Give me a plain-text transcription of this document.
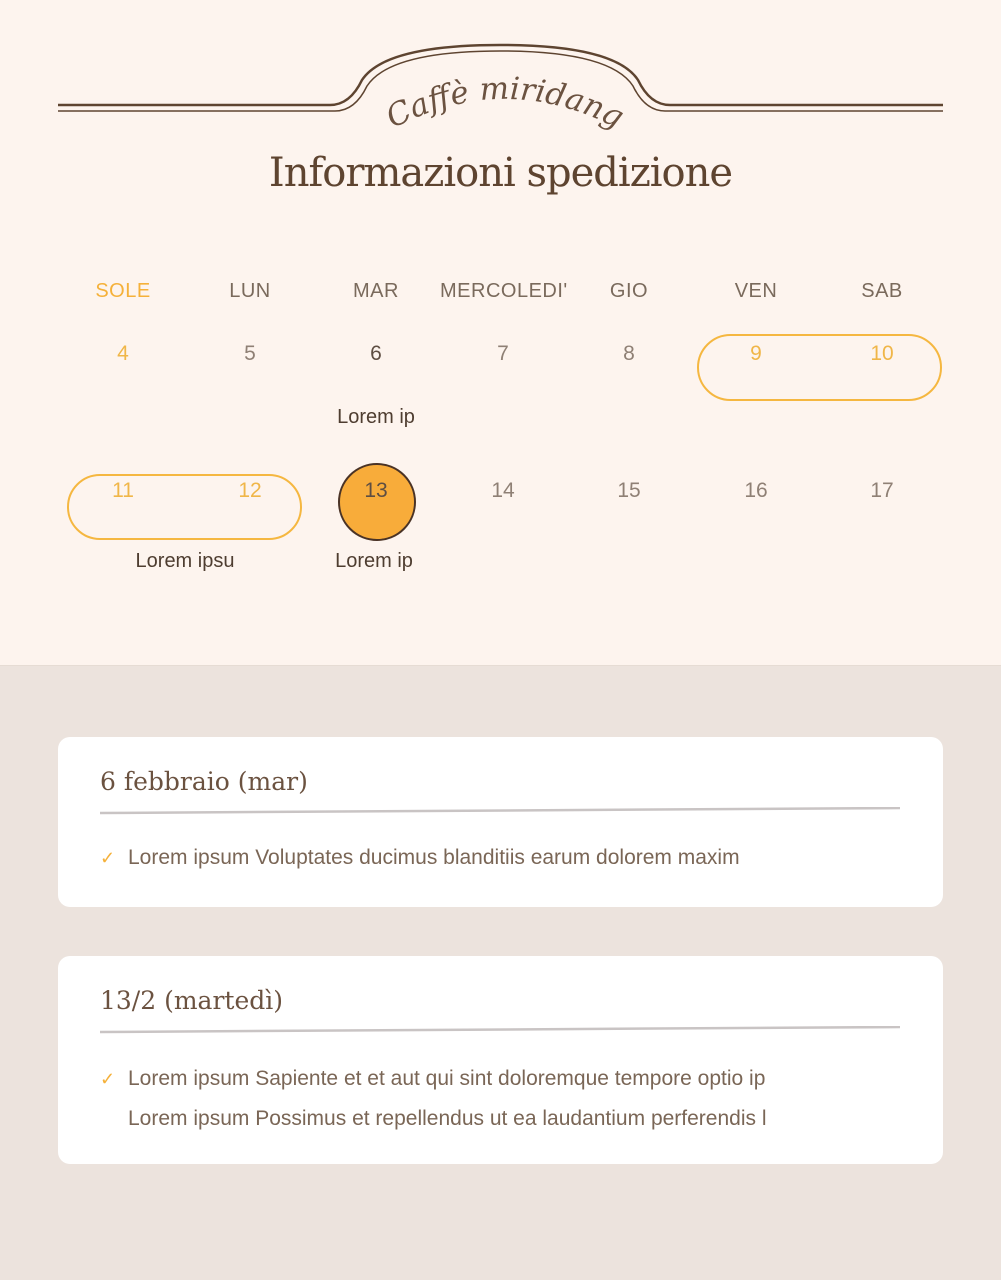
Caffè miridan
Informazioni spedizione
SOLE	LUN	MAR	MERCOLEDI'	GIO	VEN	SAB
4	5	6	7	8	9	10
Lorem ip
11	12	13	14	15	16	17
Lorem ipsu	Lorem ip
6 febbraio (mar)
✓ Lorem ipsum Voluptates ducimus blanditiis earum dolorem maxim
13/2 (martedì)
✓ Lorem ipsum Sapiente et et aut qui sint doloremque tempore optio ip
Lorem ipsum Possimus et repellendus ut ea laudantium perferendis l
